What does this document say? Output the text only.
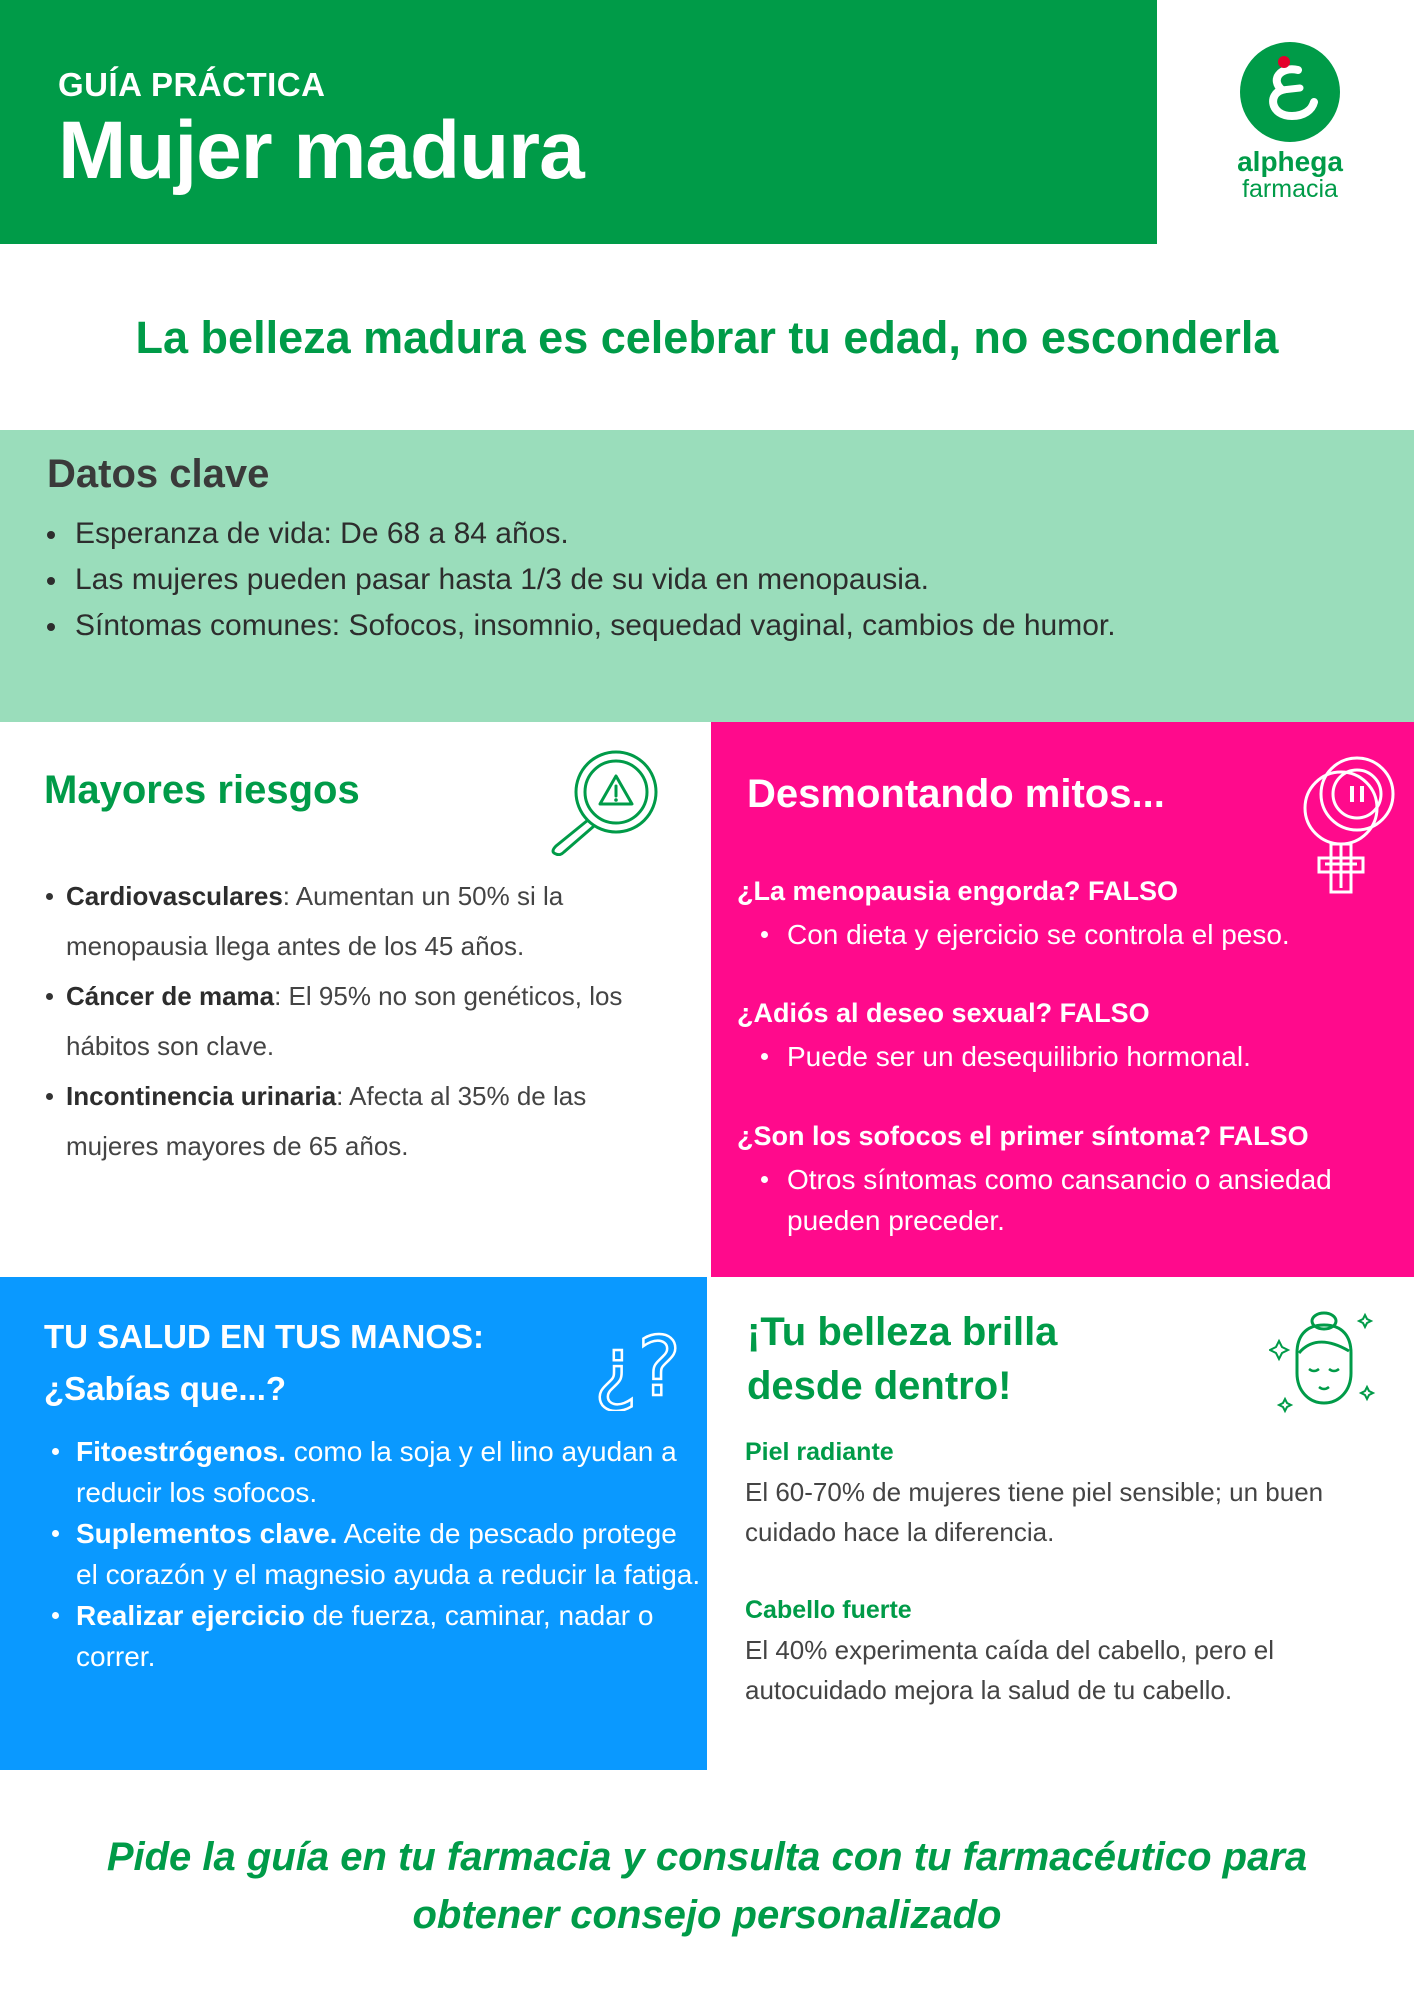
GUÍA PRÁCTICA
Mujer madura	alphega
farmacia
La belleza madura es celebrar tu edad, no esconderla
Datos clave
Esperanza de vida: De 68 a 84 años.
Las mujeres pueden pasar hasta 1/3 de su vida en menopausia.
Síntomas comunes: Sofocos, insomnio, sequedad vaginal, cambios de humor.
Mayores riesgos
Cardiovasculares: Aumentan un 50% si la menopausia llega antes de los 45 años.
Cáncer de mama: El 95% no son genéticos, los hábitos son clave.
Incontinencia urinaria: Afecta al 35% de las mujeres mayores de 65 años.
Desmontando mitos...
¿La menopausia engorda? FALSO
Con dieta y ejercicio se controla el peso.
¿Adiós al deseo sexual? FALSO
Puede ser un desequilibrio hormonal.
¿Son los sofocos el primer síntoma? FALSO
Otros síntomas como cansancio o ansiedad pueden preceder.
TU SALUD EN TUS MANOS:
¿Sabías que...?	¿?
Fitoestrógenos. como la soja y el lino ayudan a reducir los sofocos.
Suplementos clave. Aceite de pescado protege el corazón y el magnesio ayuda a reducir la fatiga.
Realizar ejercicio de fuerza, caminar, nadar o correr.
¡Tu belleza brilla
desde dentro!
Piel radiante

El 60-70% de mujeres tiene piel sensible; un buen cuidado hace la diferencia.

Cabello fuerte

El 40% experimenta caída del cabello, pero el autocuidado mejora la salud de tu cabello.

Pide la guía en tu farmacia y consulta con tu farmacéutico para
obtener consejo personalizado
